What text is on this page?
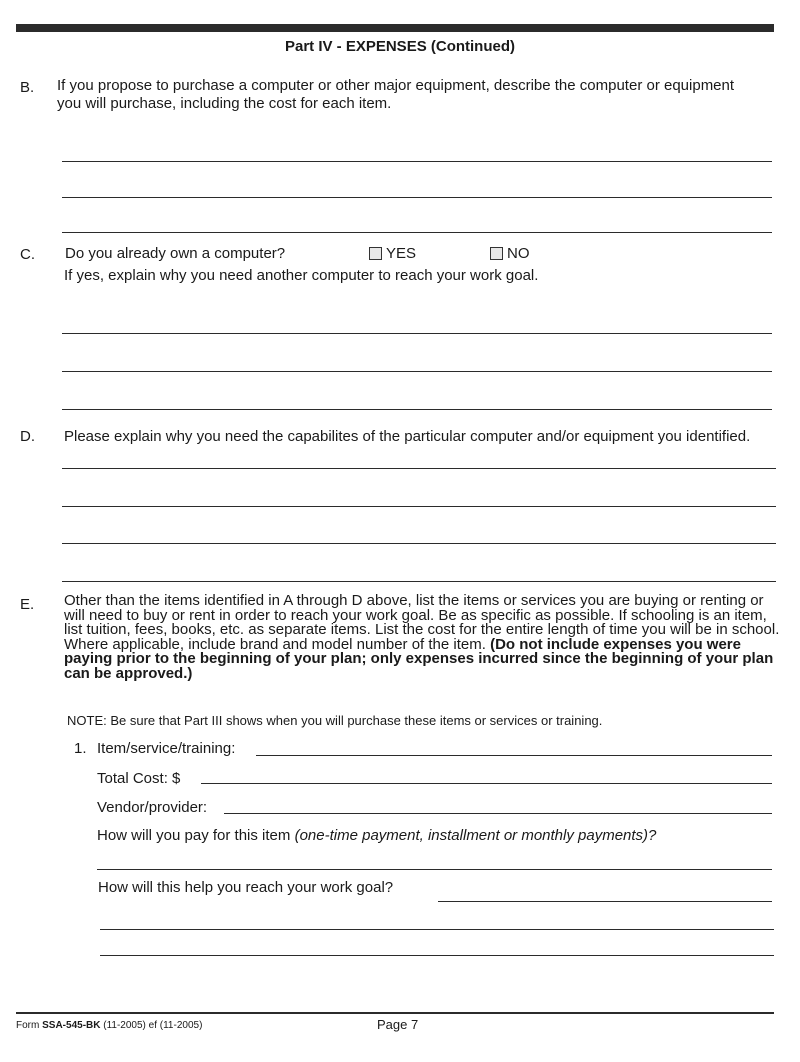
Part IV - EXPENSES (Continued)
B. If you propose to purchase a computer or other major equipment, describe the computer or equipment you will purchase, including the cost for each item.
C. Do you already own a computer?	YES	NO
If yes, explain why you need another computer to reach your work goal.
D. Please explain why you need the capabilites of the particular computer and/or equipment you identified.
E. Other than the items identified in A through D above, list the items or services you are buying or renting or will need to buy or rent in order to reach your work goal. Be as specific as possible. If schooling is an item, list tuition, fees, books, etc. as separate items. List the cost for the entire length of time you will be in school. Where applicable, include brand and model number of the item. (Do not include expenses you were paying prior to the beginning of your plan; only expenses incurred since the beginning of your plan can be approved.)
NOTE: Be sure that Part III shows when you will purchase these items or services or training.
1. Item/service/training:
Total Cost: $
Vendor/provider:
How will you pay for this item (one-time payment, installment or monthly payments)?
How will this help you reach your work goal?
Form SSA-545-BK (11-2005) ef (11-2005)	Page 7
